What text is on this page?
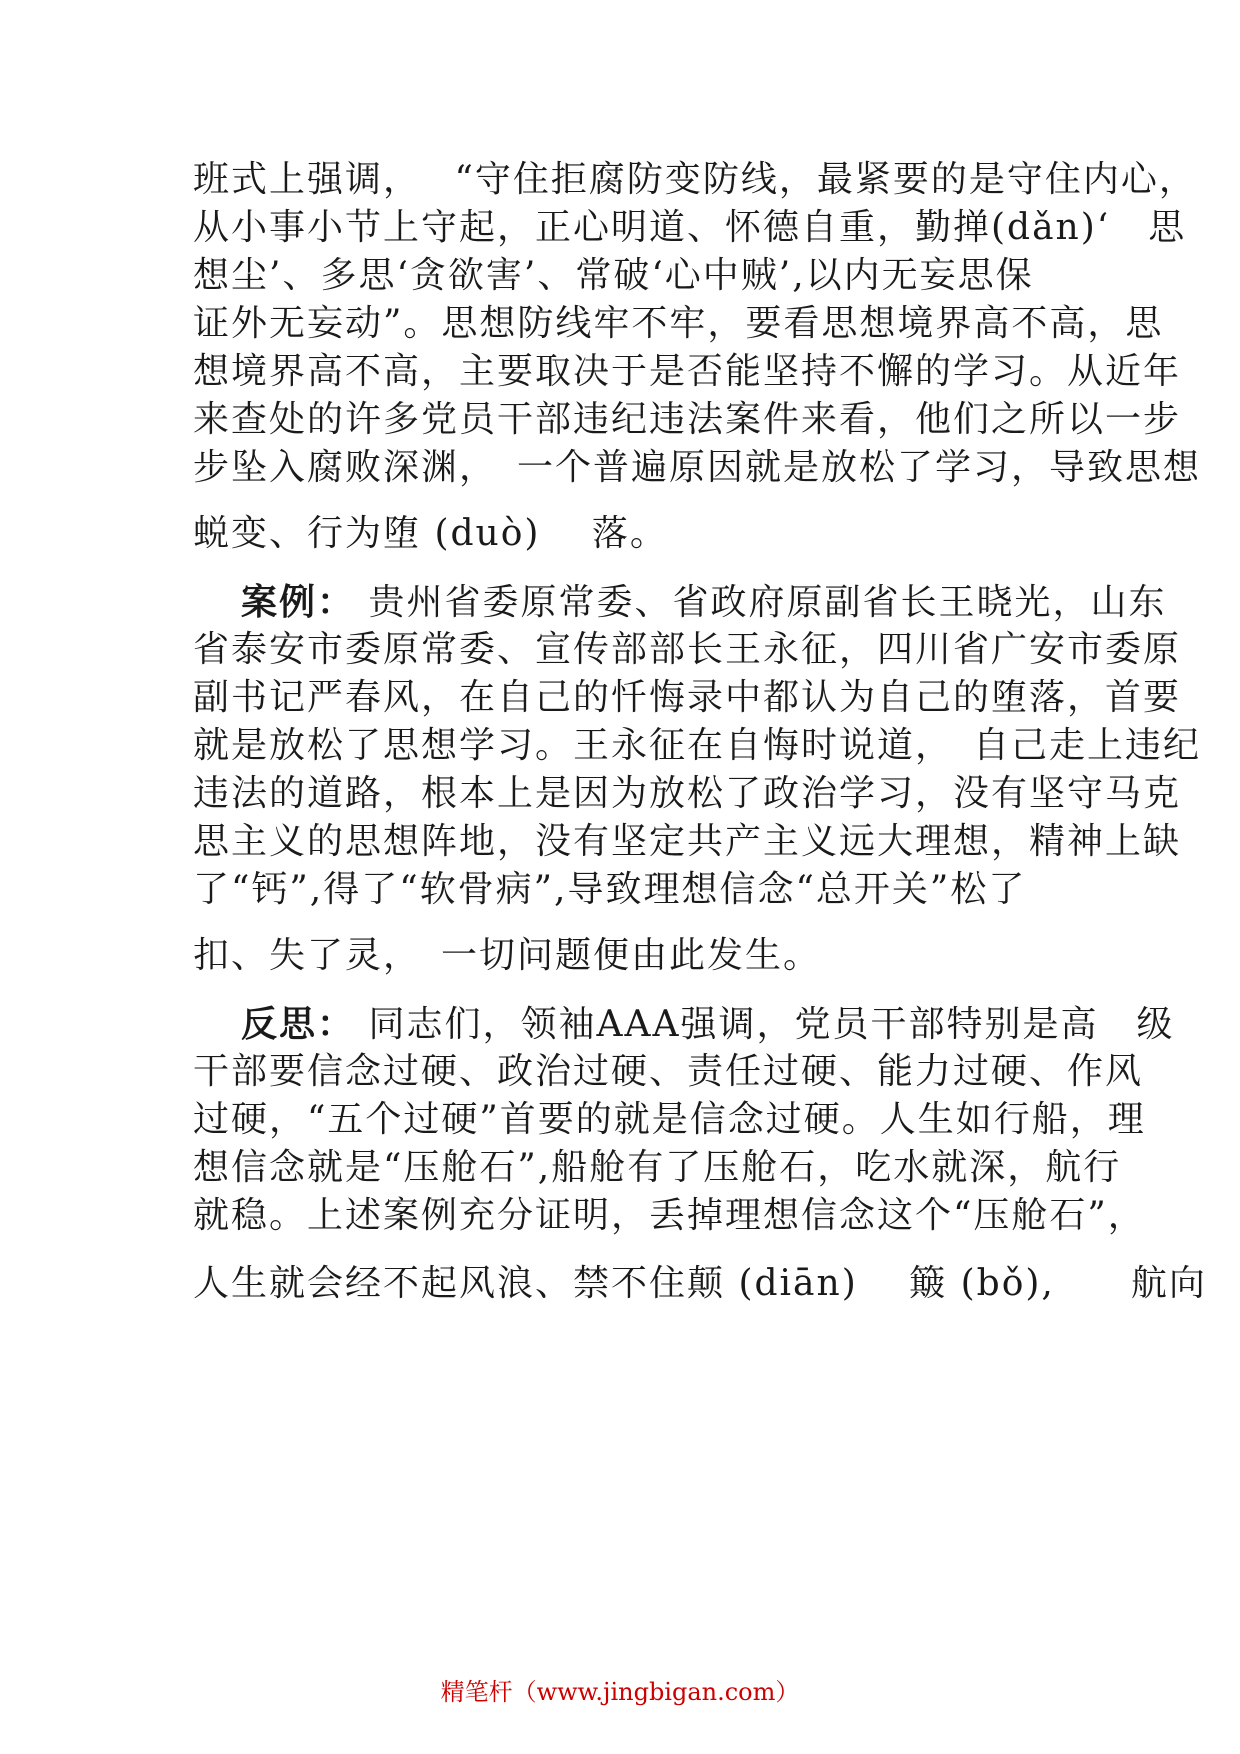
班式上强调，　 “守住拒腐防变防线，最紧要的是守住内心，
从小事小节上守起，正心明道、怀德自重，勤掸(dǎn)‘　思
想尘’、多思‘贪欲害’、常破‘心中贼’,以内无妄思保
证外无妄动”。思想防线牢不牢，要看思想境界高不高，思
想境界高不高，主要取决于是否能坚持不懈的学习。从近年
来查处的许多党员干部违纪违法案件来看，他们之所以一步
步坠入腐败深渊，　一个普遍原因就是放松了学习，导致思想
蜕变、行为堕 (duò)　 落。
案例： 贵州省委原常委、省政府原副省长王晓光，山东
省泰安市委原常委、宣传部部长王永征，四川省广安市委原
副书记严春风，在自己的忏悔录中都认为自己的堕落，首要
就是放松了思想学习。王永征在自悔时说道，　自己走上违纪
违法的道路，根本上是因为放松了政治学习，没有坚守马克
思主义的思想阵地，没有坚定共产主义远大理想，精神上缺
了“钙”,得了“软骨病”,导致理想信念“总开关”松了
扣、失了灵，　一切问题便由此发生。
反思： 同志们，领袖AAA强调，党员干部特别是高　级
干部要信念过硬、政治过硬、责任过硬、能力过硬、作风
过硬，“五个过硬”首要的就是信念过硬。人生如行船，理
想信念就是“压舱石”,船舱有了压舱石，吃水就深，航行
就稳。上述案例充分证明，丢掉理想信念这个“压舱石”，
人生就会经不起风浪、禁不住颠 (diān)　 簸 (bǒ),　　航向
精笔杆（www.jingbigan.com）
